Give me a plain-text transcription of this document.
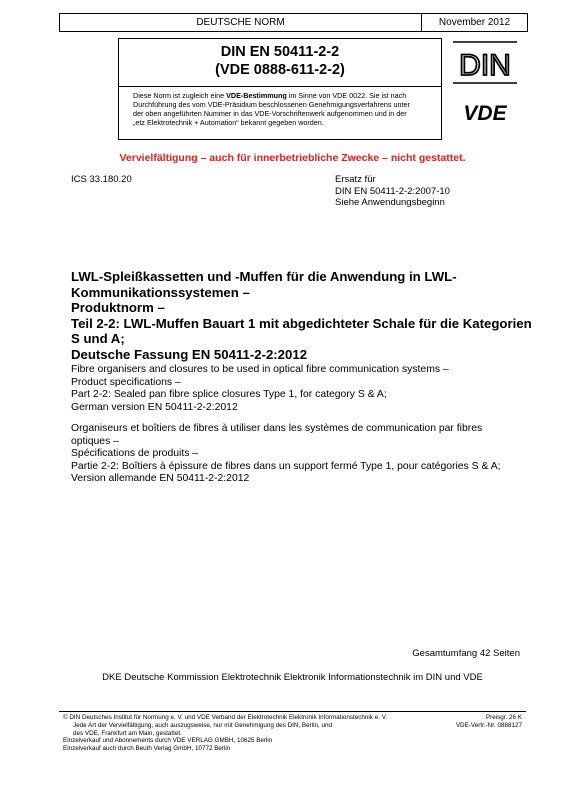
DEUTSCHE NORM	November 2012
DIN EN 50411-2-2
(VDE 0888-611-2-2)	DIN
Diese Norm ist zugleich eine VDE-Bestimmung im Sinne von VDE 0022. Sie ist nach
Durchführung des vom VDE-Präsidium beschlossenen Genehmigungsverfahrens unter
der oben angeführten Nummer in das VDE-Vorschriftenwerk aufgenommen und in der
„etz Elektrotechnik + Automation“ bekannt gegeben worden.	VDE
Vervielfältigung – auch für innerbetriebliche Zwecke – nicht gestattet.
ICS 33.180.20	Ersatz für
DIN EN 50411-2-2:2007-10
Siehe Anwendungsbeginn
LWL-Spleißkassetten und -Muffen für die Anwendung in LWL-
Kommunikationssystemen –
Produktnorm –
Teil 2-2: LWL-Muffen Bauart 1 mit abgedichteter Schale für die Kategorien
S und A;
Deutsche Fassung EN 50411-2-2:2012
Fibre organisers and closures to be used in optical fibre communication systems –
Product specifications –
Part 2-2: Sealed pan fibre splice closures Type 1, for category S & A;
German version EN 50411-2-2:2012
Organiseurs et boîtiers de fibres à utiliser dans les systèmes de communication par fibres
optiques –
Spécifications de produits –
Partie 2-2: Boîtiers à épissure de fibres dans un support fermé Type 1, pour catégories S & A;
Version allemande EN 50411-2-2:2012
Gesamtumfang 42 Seiten
DKE Deutsche Kommission Elektrotechnik Elektronik Informationstechnik im DIN und VDE
© DIN Deutsches Institut für Normung e. V. und VDE Verband der Elektrotechnik Elektronik Informationstechnik e. V.
Jede Art der Vervielfältigung, auch auszugsweise, nur mit Genehmigung des DIN, Berlin, und
des VDE, Frankfurt am Main, gestattet.
Einzelverkauf und Abonnements durch VDE VERLAG GMBH, 10625 Berlin
Einzelverkauf auch durch Beuth Verlag GmbH, 10772 Berlin
Preisgr. 26 K
VDE-Vertr.-Nr. 0888127
